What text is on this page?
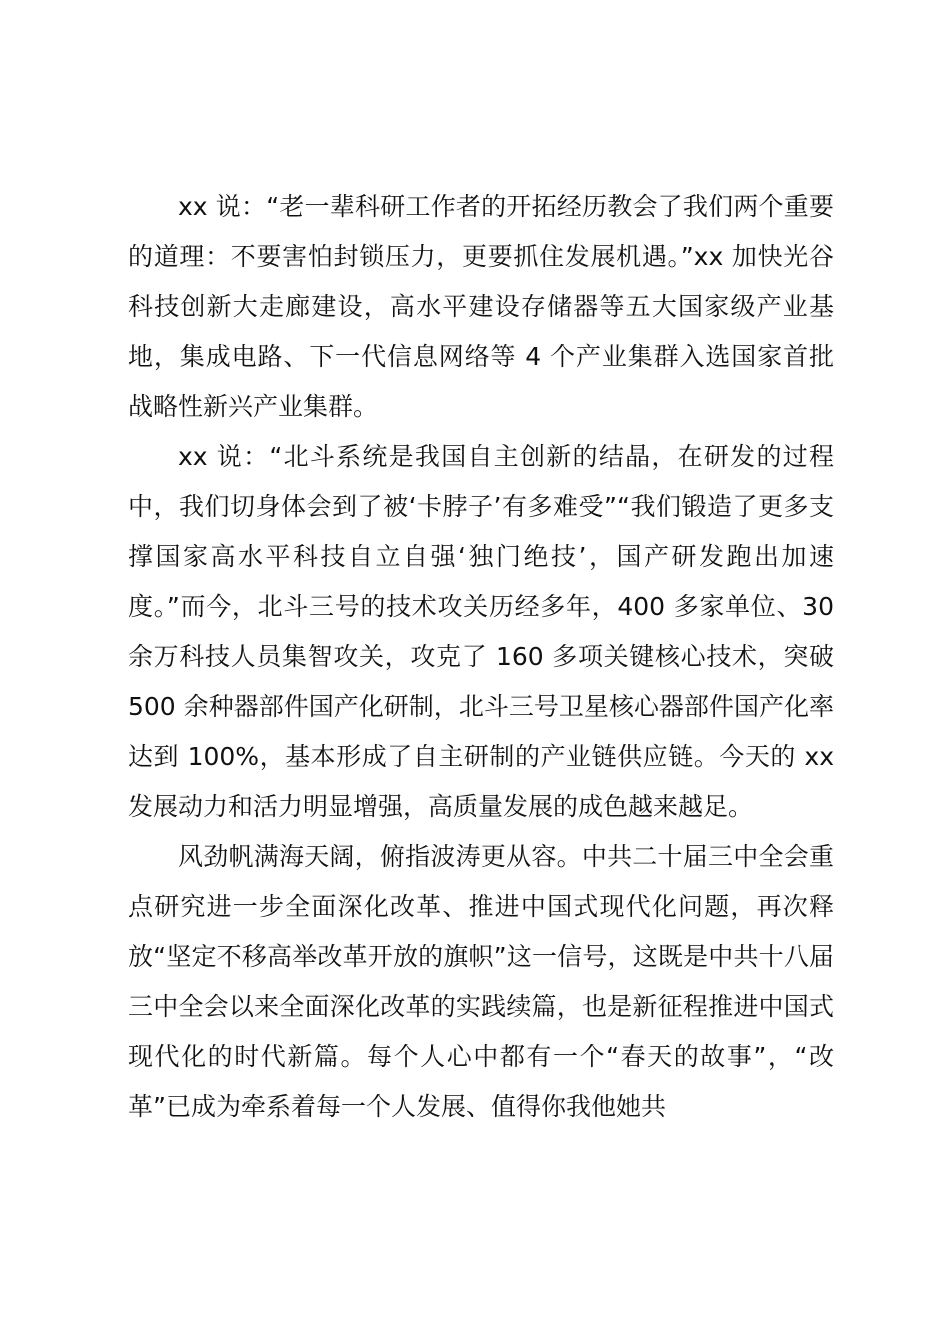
xx 说：“老一辈科研工作者的开拓经历教会了我们两个重要的道理：不要害怕封锁压力，更要抓住发展机遇。”xx 加快光谷科技创新大走廊建设，高水平建设存储器等五大国家级产业基地，集成电路、下一代信息网络等 4 个产业集群入选国家首批战略性新兴产业集群。

xx 说：“北斗系统是我国自主创新的结晶，在研发的过程中，我们切身体会到了被‘卡脖子’有多难受”“我们锻造了更多支撑国家高水平科技自立自强‘独门绝技’，国产研发跑出加速度。”而今，北斗三号的技术攻关历经多年，400 多家单位、30 余万科技人员集智攻关，攻克了 160 多项关键核心技术，突破 500 余种器部件国产化研制，北斗三号卫星核心器部件国产化率达到 100%，基本形成了自主研制的产业链供应链。今天的 xx 发展动力和活力明显增强，高质量发展的成色越来越足。

风劲帆满海天阔，俯指波涛更从容。中共二十届三中全会重点研究进一步全面深化改革、推进中国式现代化问题，再次释放“坚定不移高举改革开放的旗帜”这一信号，这既是中共十八届三中全会以来全面深化改革的实践续篇，也是新征程推进中国式现代化的时代新篇。每个人心中都有一个“春天的故事”，“改革”已成为牵系着每一个人发展、值得你我他她共
